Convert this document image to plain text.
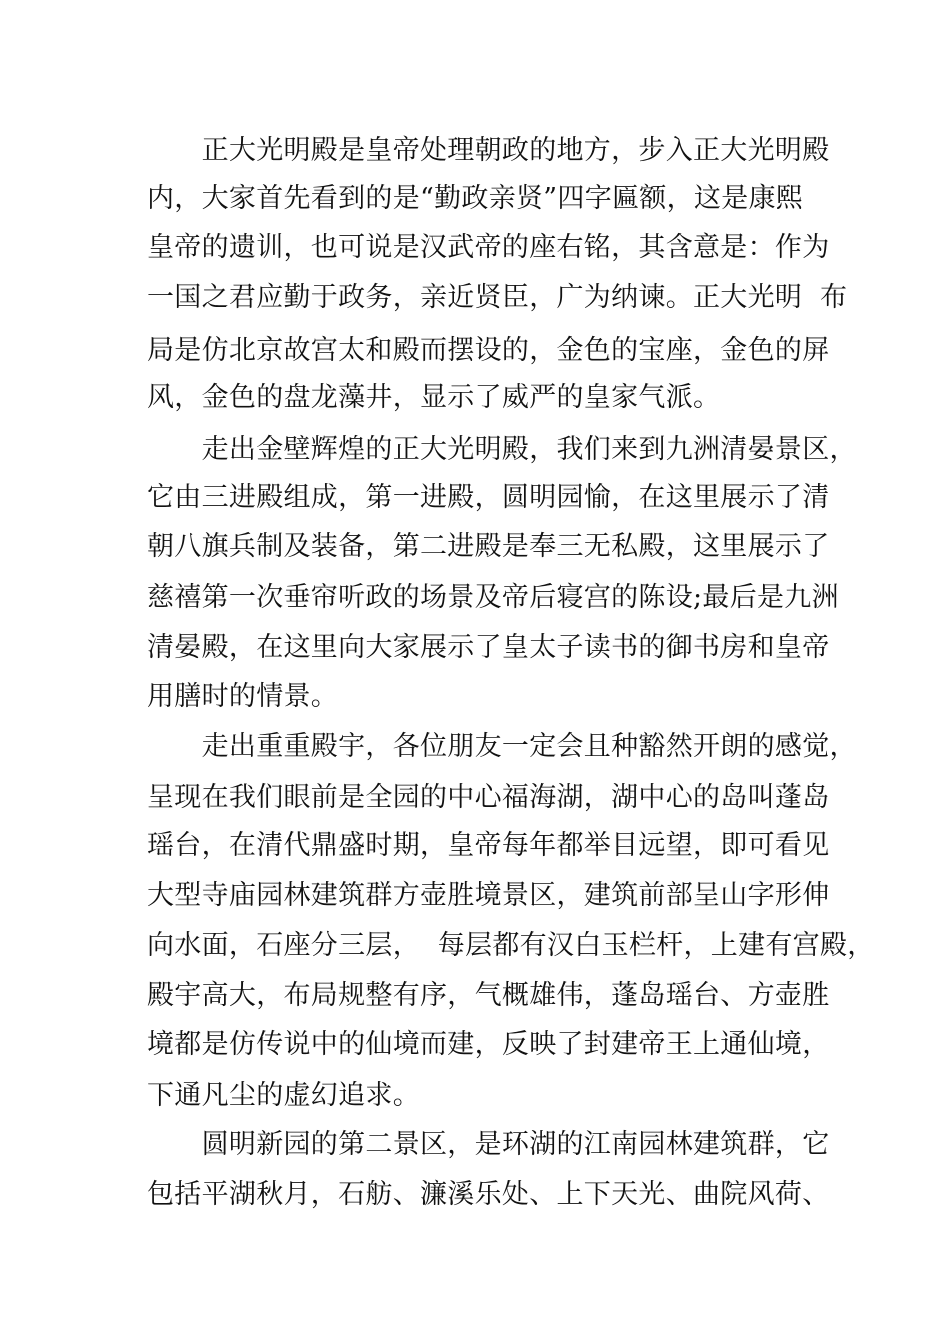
　　正大光明殿是皇帝处理朝政的地方，步入正大光明殿
内，大家首先看到的是“勤政亲贤”四字匾额，这是康熙
皇帝的遗训，也可说是汉武帝的座右铭，其含意是：作为
一国之君应勤于政务，亲近贤臣，广为纳谏。正大光明  布
局是仿北京故宫太和殿而摆设的，金色的宝座，金色的屏
风，金色的盘龙藻井，显示了威严的皇家气派。
　　走出金壁辉煌的正大光明殿，我们来到九洲清晏景区，
它由三进殿组成，第一进殿，圆明园愉，在这里展示了清
朝八旗兵制及装备，第二进殿是奉三无私殿，这里展示了
慈禧第一次垂帘听政的场景及帝后寝宫的陈设;最后是九洲
清晏殿，在这里向大家展示了皇太子读书的御书房和皇帝
用膳时的情景。
　　走出重重殿宇，各位朋友一定会且种豁然开朗的感觉，
呈现在我们眼前是全园的中心福海湖，湖中心的岛叫蓬岛
瑶台，在清代鼎盛时期，皇帝每年都举目远望，即可看见
大型寺庙园林建筑群方壶胜境景区，建筑前部呈山字形伸
向水面，石座分三层，  每层都有汉白玉栏杆，上建有宫殿，
殿宇高大，布局规整有序，气概雄伟，蓬岛瑶台、方壶胜
境都是仿传说中的仙境而建，反映了封建帝王上通仙境，
下通凡尘的虚幻追求。
　　圆明新园的第二景区，是环湖的江南园林建筑群，它
包括平湖秋月，石舫、濂溪乐处、上下天光、曲院风荷、
